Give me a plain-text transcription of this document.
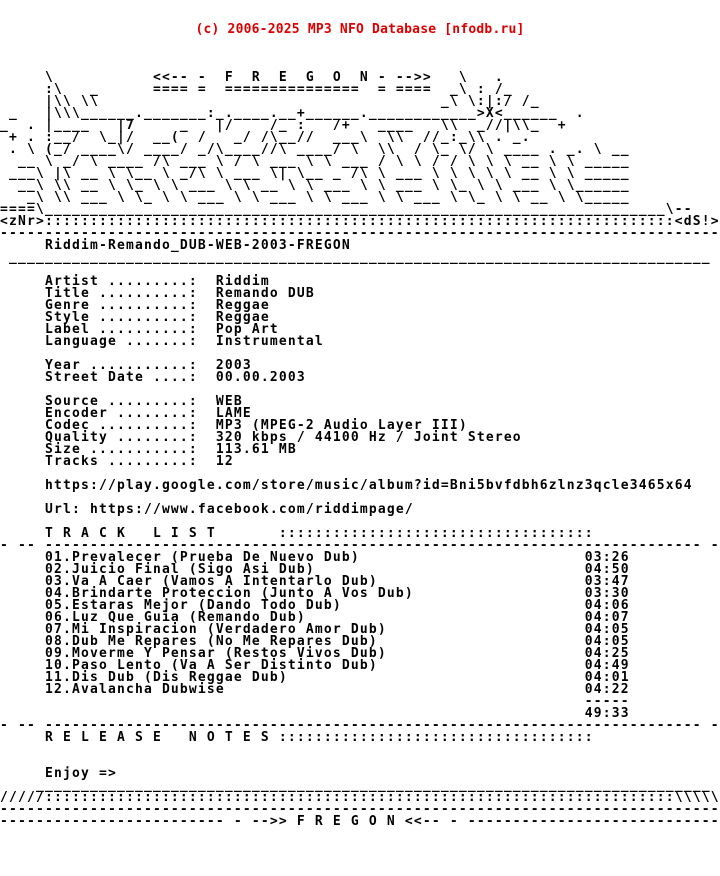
(c) 2006-2025 MP3 NFO Database [nfodb.ru]

\           <<-- -  F  R  E  G  O  N - -->>   \   .
:\   _      ==== =  ===============  = ====  _\ : /_
|\\ \\                                      _\ \:|:/ /_
_   |\\\______._______:_.____.__+______.____________>X<______  .
_  . |____   |7     _   |/    /_ :   /+   ____   \\  _//|\\_  +
+ . :__/  \_|/  __(  /   _/ /\__//  ___\  \\  //_:_\\ . _.
. \ (_/ ____\/ ____/ _/\____//\ ____/ \  \\  / \_ \/ \ ____ . _. \ __
__ \ _/ \ ____ /\ ___ \ / \ ___ \ \ ___ / \ \ / / \ \ \ __ \ \ _____
___\ |\ __ \ \__ \ _/\ \ ___ \| \__ _ /\ \ ___ \ \ \ \ \ __ \ \ _____
__\ \\ __ \ \_ \ \ ___ \ \ __ \ \ ___ \ \ ___ \ \_ \ \ ___ \ \______
_\ \\ ___ \ \_ \ \ ___ \ \ ___ \ \ ___ \ \ ___ \ \_ \ \ __ \ \_____
====\_____________________________________________________________________\--
<zNr>::::::::::::::::::::::::::::::::::::::::::::::::::::::::::::::::::::::<dS!>
--------------------------------------------------------------------------------
Riddim-Remando_DUB-WEB-2003-FREGON
______________________________________________________________________________
Artist .........:  Riddim
Title ..........:  Remando DUB
Genre ..........:  Reggae
Style ..........:  Reggae
Label ..........:  Pop Art
Language .......:  Instrumental
Year ...........:  2003
Street Date ....:  00.00.2003
Source .........:  WEB
Encoder ........:  LAME
Codec ..........:  MP3 (MPEG-2 Audio Layer III)
Quality ........:  320 kbps / 44100 Hz / Joint Stereo
Size ...........:  113.61 MB
Tracks .........:  12
https://play.google.com/store/music/album?id=Bni5bvfdbh6zlnz3qcle3465x64
Url: https://www.facebook.com/riddimpage/
T R A C K   L I S T       :::::::::::::::::::::::::::::::::::
- -- ------------------------------------------------------------------------- -
01.Prevalecer (Prueba De Nuevo Dub)                         03:26
02.Juicio Final (Sigo Asi Dub)                              04:50
03.Va A Caer (Vamos A Intentarlo Dub)                       03:47
04.Brindarte Proteccion (Junto A Vos Dub)                   03:30
05.Estaras Mejor (Dando Todo Dub)                           04:06
06.Luz Que Guia (Remando Dub)                               04:07
07.Mi Inspiracion (Verdadero Amor Dub)                      04:05
08.Dub Me Repares (No Me Repares Dub)                       04:05
09.Moverme Y Pensar (Restos Vivos Dub)                      04:25
10.Paso Lento (Va A Ser Distinto Dub)                       04:49
11.Dis Dub (Dis Reggae Dub)                                 04:01
12.Avalancha Dubwise                                        04:22
-----
49:33
- -- ------------------------------------------------------------------------- -
R E L E A S E   N O T E S :::::::::::::::::::::::::::::::::::
Enjoy =>
___________________________________________________________________________
/////::::::::::::::::::::::::::::::::::::::::::::::::::::::::::::::::::::::\\\\\
--------------------------------------------------------------------------------
------------------------- - -->> F R E G O N <<-- - ----------------------------
